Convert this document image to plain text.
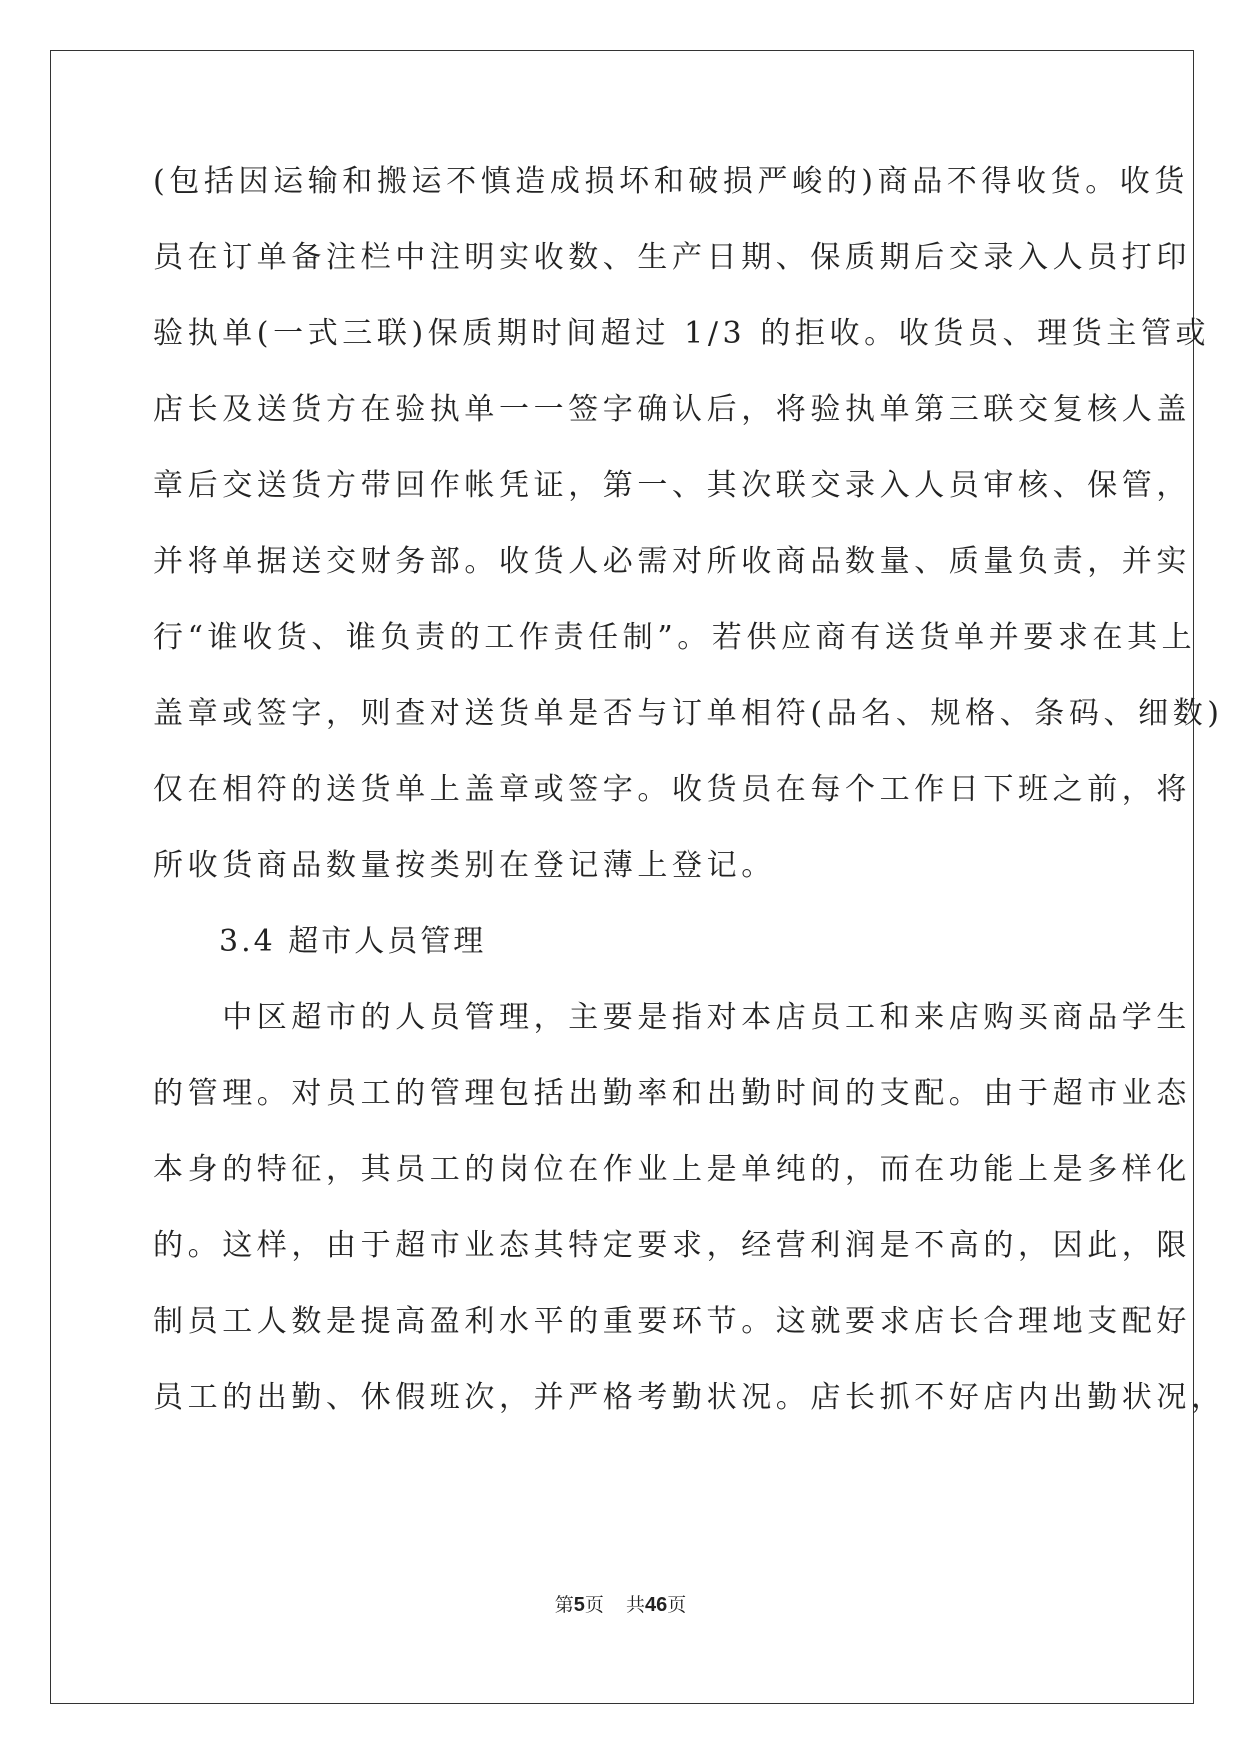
(包括因运输和搬运不慎造成损坏和破损严峻的)商品不得收货。收货
员在订单备注栏中注明实收数、生产日期、保质期后交录入人员打印
验执单(一式三联)保质期时间超过 1/3 的拒收。收货员、理货主管或
店长及送货方在验执单一一签字确认后，将验执单第三联交复核人盖
章后交送货方带回作帐凭证，第一、其次联交录入人员审核、保管，
并将单据送交财务部。收货人必需对所收商品数量、质量负责，并实
行“谁收货、谁负责的工作责任制”。若供应商有送货单并要求在其上
盖章或签字，则查对送货单是否与订单相符(品名、规格、条码、细数)
仅在相符的送货单上盖章或签字。收货员在每个工作日下班之前，将
所收货商品数量按类别在登记薄上登记。
　　3.4 超市人员管理
　　中区超市的人员管理，主要是指对本店员工和来店购买商品学生
的管理。对员工的管理包括出勤率和出勤时间的支配。由于超市业态
本身的特征，其员工的岗位在作业上是单纯的，而在功能上是多样化
的。这样，由于超市业态其特定要求，经营利润是不高的，因此，限
制员工人数是提高盈利水平的重要环节。这就要求店长合理地支配好
员工的出勤、休假班次，并严格考勤状况。店长抓不好店内出勤状况，
第5页 共46页
